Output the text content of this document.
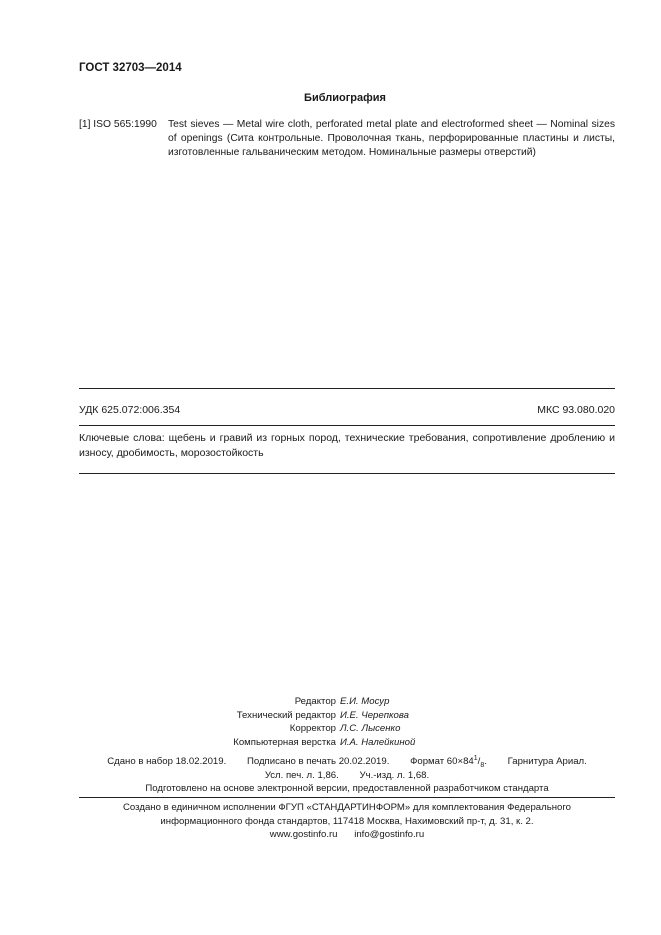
ГОСТ 32703—2014
Библиография
[1] ISO 565:1990 Test sieves — Metal wire cloth, perforated metal plate and electroformed sheet — Nominal sizes of openings (Сита контрольные. Проволочная ткань, перфорированные пластины и листы, изготовленные гальваническим методом. Номинальные размеры отверстий)
УДК 625.072:006.354	МКС 93.080.020
Ключевые слова: щебень и гравий из горных пород, технические требования, сопротивление дроблению и износу, дробимость, морозостойкость
Редактор Е.И. Мосур
Технический редактор И.Е. Черепкова
Корректор Л.С. Лысенко
Компьютерная верстка И.А. Налейкиной
Сдано в набор 18.02.2019. Подписано в печать 20.02.2019. Формат $60\times 84^1/_8$. Гарнитура Ариал.
Усл. печ. л. 1,86. Уч.-изд. л. 1,68.
Подготовлено на основе электронной версии, предоставленной разработчиком стандарта
Создано в единичном исполнении ФГУП «СТАНДАРТИНФОРМ» для комплектования Федерального
информационного фонда стандартов, 117418 Москва, Нахимовский пр-т, д. 31, к. 2.
www.gostinfo.ru info@gostinfo.ru
